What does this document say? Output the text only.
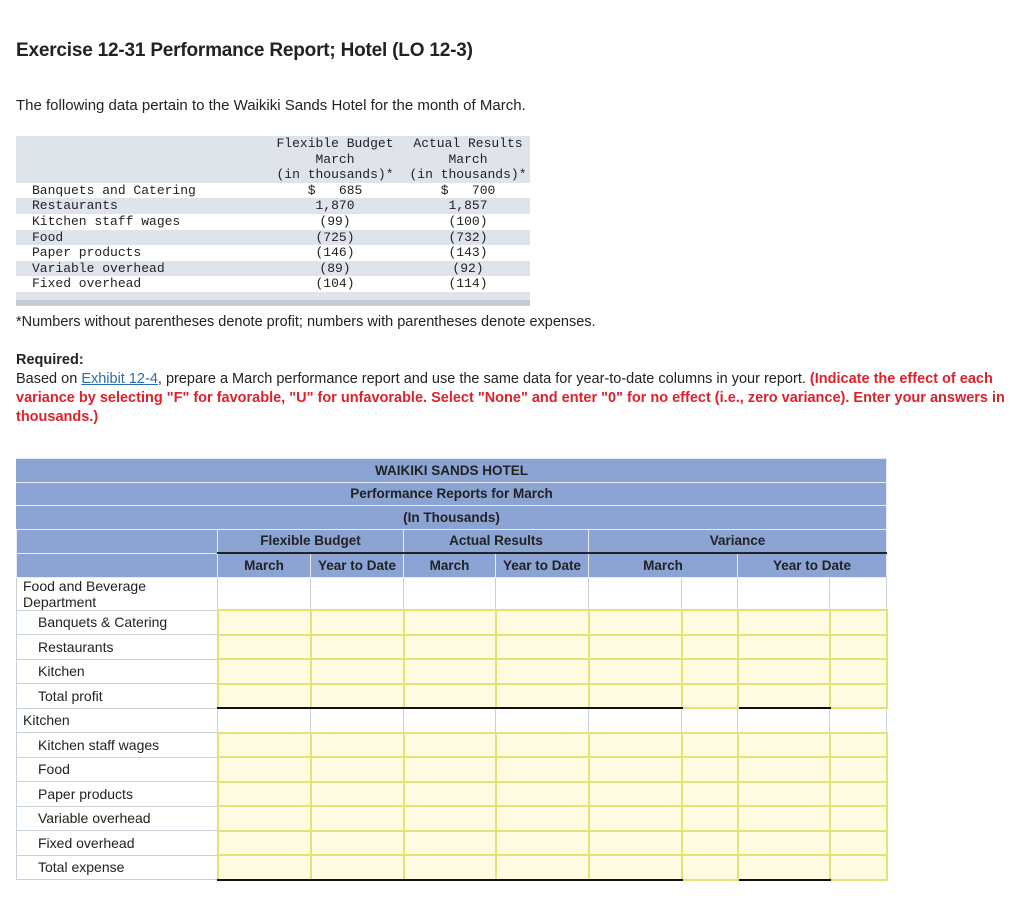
Exercise 12-31 Performance Report; Hotel (LO 12-3)
The following data pertain to the Waikiki Sands Hotel for the month of March.
	Flexible Budget	Actual Results
	March	March
	(in thousands)*	(in thousands)*
Banquets and Catering	$   685	$   700
Restaurants	1,870	1,857
Kitchen staff wages	(99)	(100)
Food	(725)	(732)
Paper products	(146)	(143)
Variable overhead	(89)	(92)
Fixed overhead	(104)	(114)
*Numbers without parentheses denote profit; numbers with parentheses denote expenses.
Required:
Based on Exhibit 12-4, prepare a March performance report and use the same data for year-to-date columns in your report. (Indicate the effect of each variance by selecting "F" for favorable, "U" for unfavorable. Select "None" and enter "0" for no effect (i.e., zero variance). Enter your answers in thousands.)
WAIKIKI SANDS HOTEL								
Performance Reports for March								
(In Thousands)								
	Flexible Budget		Actual Results		Variance			
	March	Year to Date	March	Year to Date	March		Year to Date	
Food and Beverage Department								
Banquets & Catering								
Restaurants								
Kitchen								
Total profit								
Kitchen								
Kitchen staff wages								
Food								
Paper products								
Variable overhead								
Fixed overhead								
Total expense								
